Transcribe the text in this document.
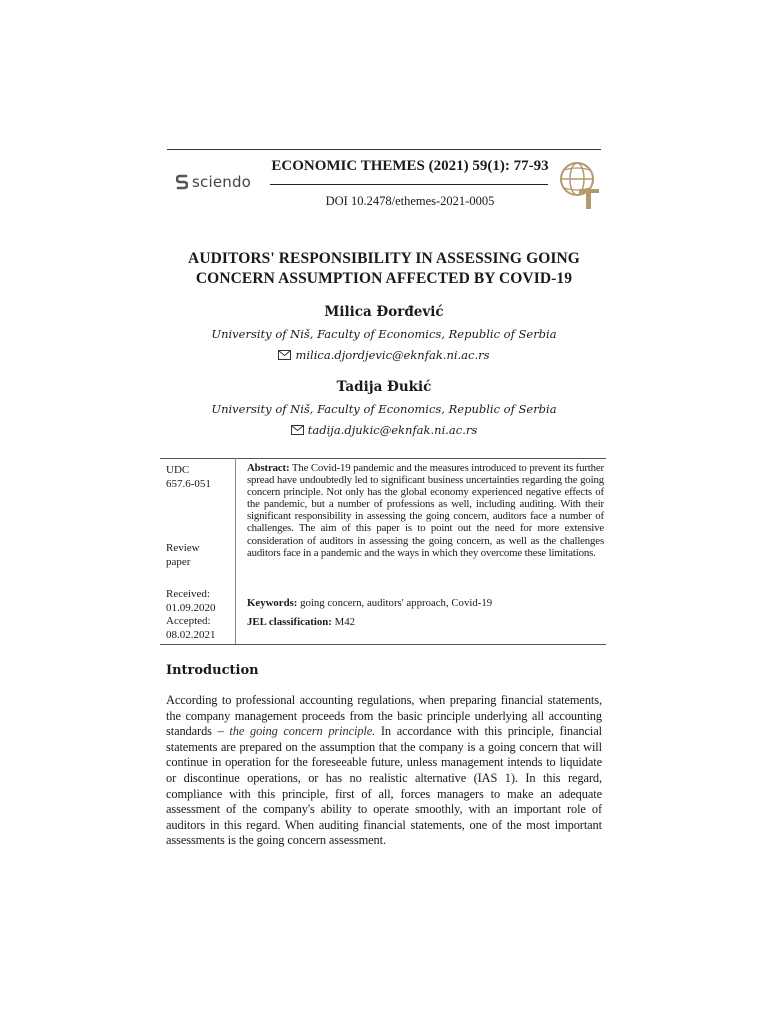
sciendo
ECONOMIC THEMES (2021) 59(1): 77-93
DOI 10.2478/ethemes-2021-0005
AUDITORS' RESPONSIBILITY IN ASSESSING GOING
CONCERN ASSUMPTION AFFECTED BY COVID-19
Milica Đorđević
University of Niš, Faculty of Economics, Republic of Serbia
milica.djordjevic@eknfak.ni.ac.rs
Tadija Đukić
University of Niš, Faculty of Economics, Republic of Serbia
tadija.djukic@eknfak.ni.ac.rs
UDC
657.6-051
Review
paper
Received:
01.09.2020
Accepted:
08.02.2021
Abstract: The Covid-19 pandemic and the measures introduced to prevent its further spread have undoubtedly led to significant business uncertainties regarding the going concern principle. Not only has the global economy experienced negative effects of the pandemic, but a number of professions as well, including auditing. With their significant responsibility in assessing the going concern, auditors face a number of challenges. The aim of this paper is to point out the need for more extensive consideration of auditors in assessing the going concern, as well as the challenges auditors face in a pandemic and the ways in which they overcome these limitations.
Keywords: going concern, auditors' approach, Covid-19
JEL classification: M42
Introduction
According to professional accounting regulations, when preparing financial statements, the company management proceeds from the basic principle underlying all accounting standards – the going concern principle. In accordance with this principle, financial statements are prepared on the assumption that the company is a going concern that will continue in operation for the foreseeable future, unless management intends to liquidate or discontinue operations, or has no realistic alternative (IAS 1). In this regard, compliance with this principle, first of all, forces managers to make an adequate assessment of the company's ability to operate smoothly, with an important role of auditors in this regard. When auditing financial statements, one of the most important assessments is the going concern assessment.
